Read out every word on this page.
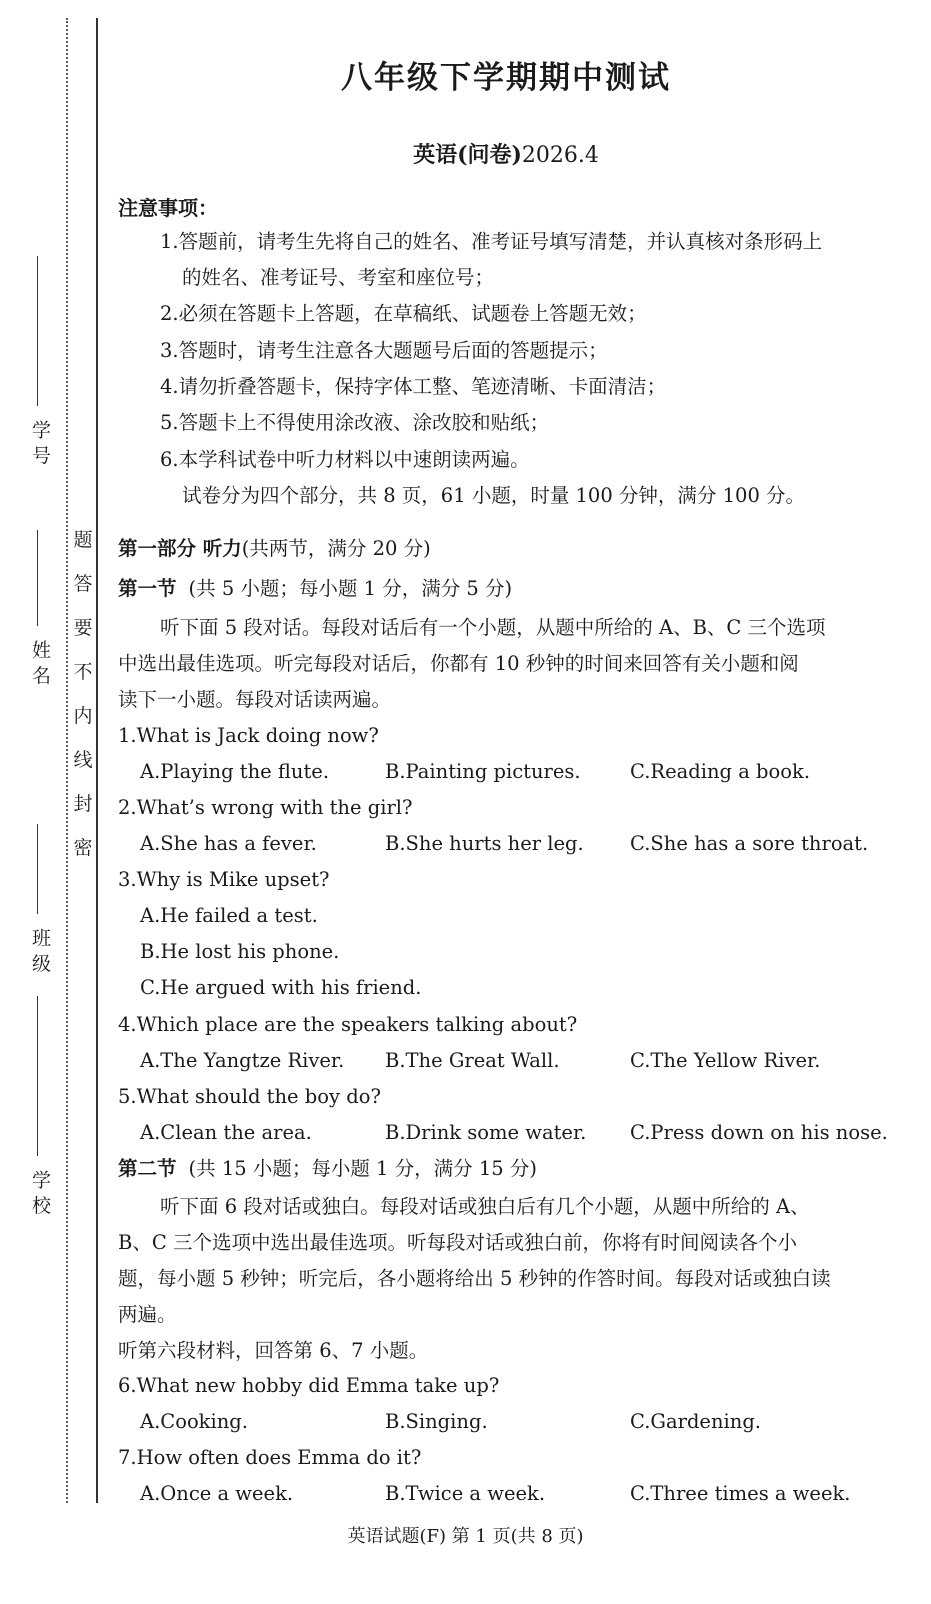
学 号
姓 名
班 级
学 校
题
答
要
不
内
线
封
密
八年级下学期期中测试
英语(问卷)2026.4
注意事项：
1.答题前，请考生先将自己的姓名、准考证号填写清楚，并认真核对条形码上
的姓名、准考证号、考室和座位号；
2.必须在答题卡上答题，在草稿纸、试题卷上答题无效；
3.答题时，请考生注意各大题题号后面的答题提示；
4.请勿折叠答题卡，保持字体工整、笔迹清晰、卡面清洁；
5.答题卡上不得使用涂改液、涂改胶和贴纸；
6.本学科试卷中听力材料以中速朗读两遍。
试卷分为四个部分，共 8 页，61 小题，时量 100 分钟，满分 100 分。
第一部分 听力(共两节，满分 20 分)
第一节 (共 5 小题；每小题 1 分，满分 5 分)
听下面 5 段对话。每段对话后有一个小题，从题中所给的 A、B、C 三个选项
中选出最佳选项。听完每段对话后，你都有 10 秒钟的时间来回答有关小题和阅
读下一小题。每段对话读两遍。
1.What is Jack doing now?
A.Playing the flute.	B.Painting pictures.	C.Reading a book.
2.What’s wrong with the girl?
A.She has a fever.	B.She hurts her leg. C.She has a sore throat.
3.Why is Mike upset?
A.He failed a test.
B.He lost his phone.
C.He argued with his friend.
4.Which place are the speakers talking about?
A.The Yangtze River. B.The Great Wall.	C.The Yellow River.
5.What should the boy do?
A.Clean the area.	B.Drink some water. C.Press down on his nose.
第二节 (共 15 小题；每小题 1 分，满分 15 分)
听下面 6 段对话或独白。每段对话或独白后有几个小题，从题中所给的 A、
B、C 三个选项中选出最佳选项。听每段对话或独白前，你将有时间阅读各个小
题，每小题 5 秒钟；听完后，各小题将给出 5 秒钟的作答时间。每段对话或独白读
两遍。
听第六段材料，回答第 6、7 小题。
6.What new hobby did Emma take up?
A.Cooking.	B.Singing.	C.Gardening.
7.How often does Emma do it?
A.Once a week.	B.Twice a week.	C.Three times a week.
英语试题(F) 第 1 页(共 8 页)
